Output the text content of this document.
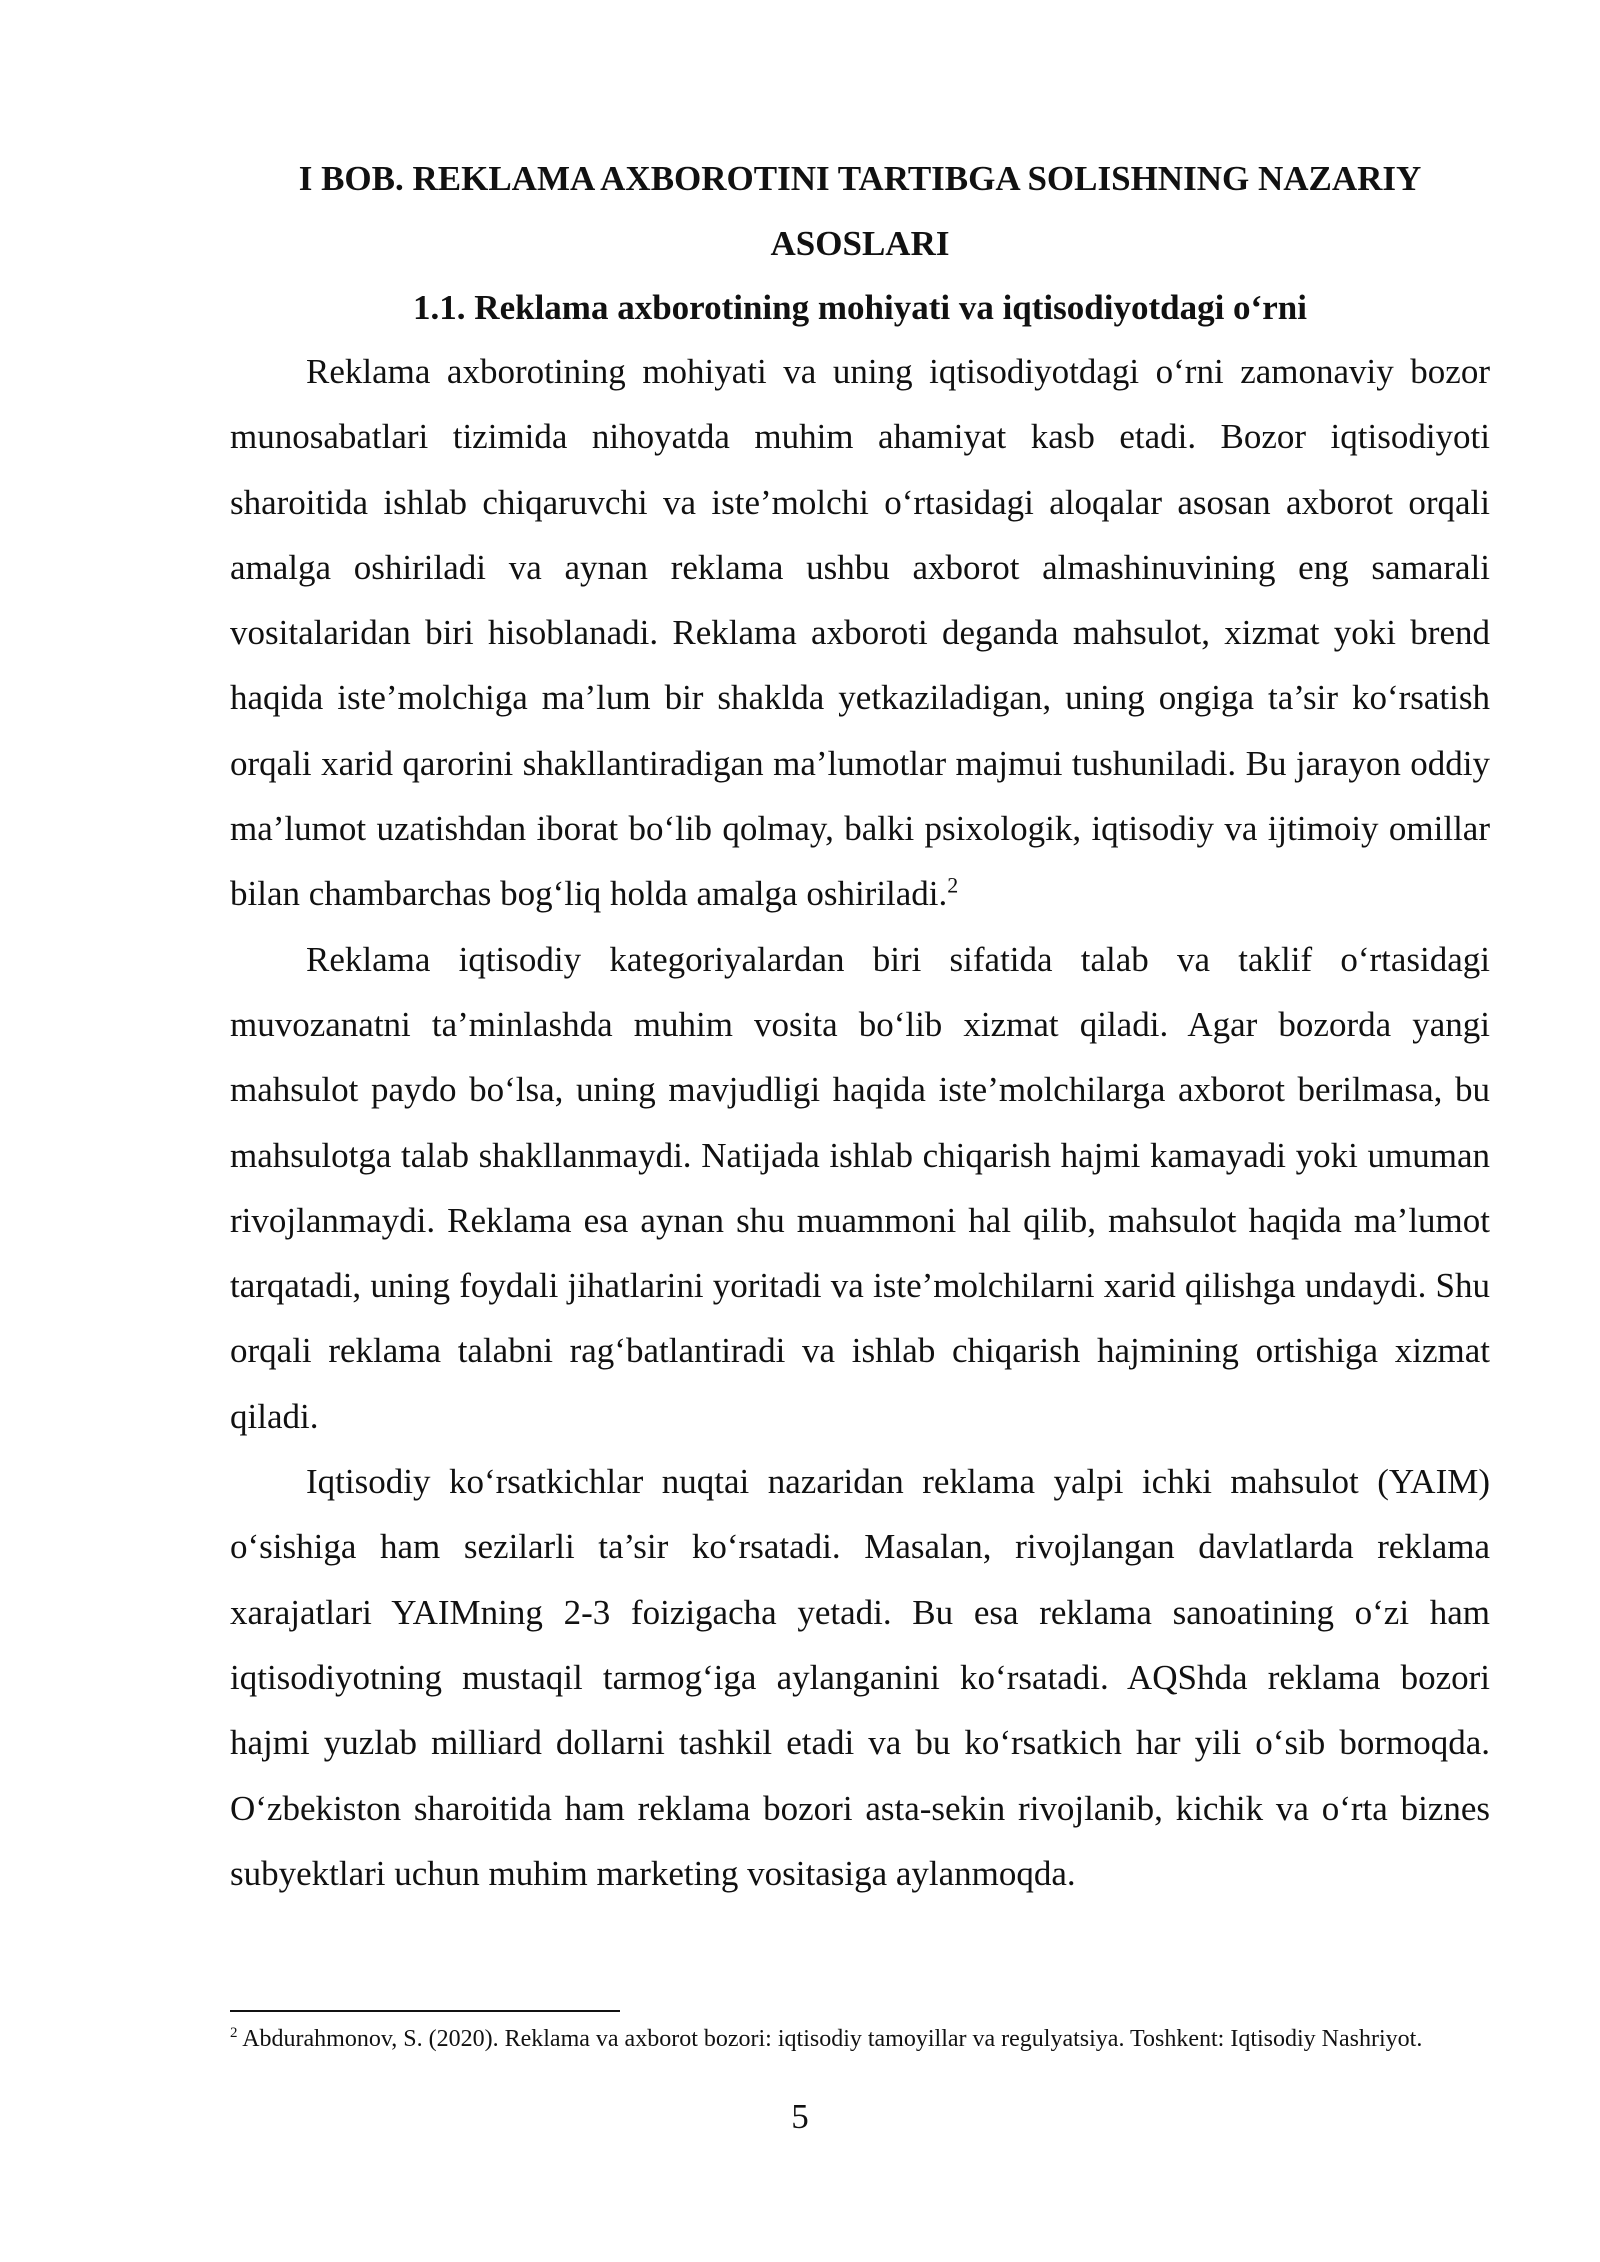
I BOB. REKLAMA AXBOROTINI TARTIBGA SOLISHNING NAZARIY ASOSLARI
1.1. Reklama axborotining mohiyati va iqtisodiyotdagi o‘rni

Reklama axborotining mohiyati va uning iqtisodiyotdagi o‘rni zamonaviy bozor munosabatlari tizimida nihoyatda muhim ahamiyat kasb etadi. Bozor iqtisodiyoti sharoitida ishlab chiqaruvchi va iste’molchi o‘rtasidagi aloqalar asosan axborot orqali amalga oshiriladi va aynan reklama ushbu axborot almashinuvining eng samarali vositalaridan biri hisoblanadi. Reklama axboroti deganda mahsulot, xizmat yoki brend haqida iste’molchiga ma’lum bir shaklda yetkaziladigan, uning ongiga ta’sir ko‘rsatish orqali xarid qarorini shakllantiradigan ma’lumotlar majmui tushuniladi. Bu jarayon oddiy ma’lumot uzatishdan iborat bo‘lib qolmay, balki psixologik, iqtisodiy va ijtimoiy omillar bilan chambarchas bog‘liq holda amalga oshiriladi.$^2$

Reklama iqtisodiy kategoriyalardan biri sifatida talab va taklif o‘rtasidagi muvozanatni ta’minlashda muhim vosita bo‘lib xizmat qiladi. Agar bozorda yangi mahsulot paydo bo‘lsa, uning mavjudligi haqida iste’molchilarga axborot berilmasa, bu mahsulotga talab shakllanmaydi. Natijada ishlab chiqarish hajmi kamayadi yoki umuman rivojlanmaydi. Reklama esa aynan shu muammoni hal qilib, mahsulot haqida ma’lumot tarqatadi, uning foydali jihatlarini yoritadi va iste’molchilarni xarid qilishga undaydi. Shu orqali reklama talabni rag‘batlantiradi va ishlab chiqarish hajmining ortishiga xizmat qiladi.

Iqtisodiy ko‘rsatkichlar nuqtai nazaridan reklama yalpi ichki mahsulot (YAIM) o‘sishiga ham sezilarli ta’sir ko‘rsatadi. Masalan, rivojlangan davlatlarda reklama xarajatlari YAIMning 2-3 foizigacha yetadi. Bu esa reklama sanoatining o‘zi ham iqtisodiyotning mustaqil tarmog‘iga aylanganini ko‘rsatadi. AQShda reklama bozori hajmi yuzlab milliard dollarni tashkil etadi va bu ko‘rsatkich har yili o‘sib bormoqda. O‘zbekiston sharoitida ham reklama bozori asta-sekin rivojlanib, kichik va o‘rta biznes subyektlari uchun muhim marketing vositasiga aylanmoqda.

$^2$ Abdurahmonov, S. (2020). Reklama va axborot bozori: iqtisodiy tamoyillar va regulyatsiya. Toshkent: Iqtisodiy Nashriyot.

5
